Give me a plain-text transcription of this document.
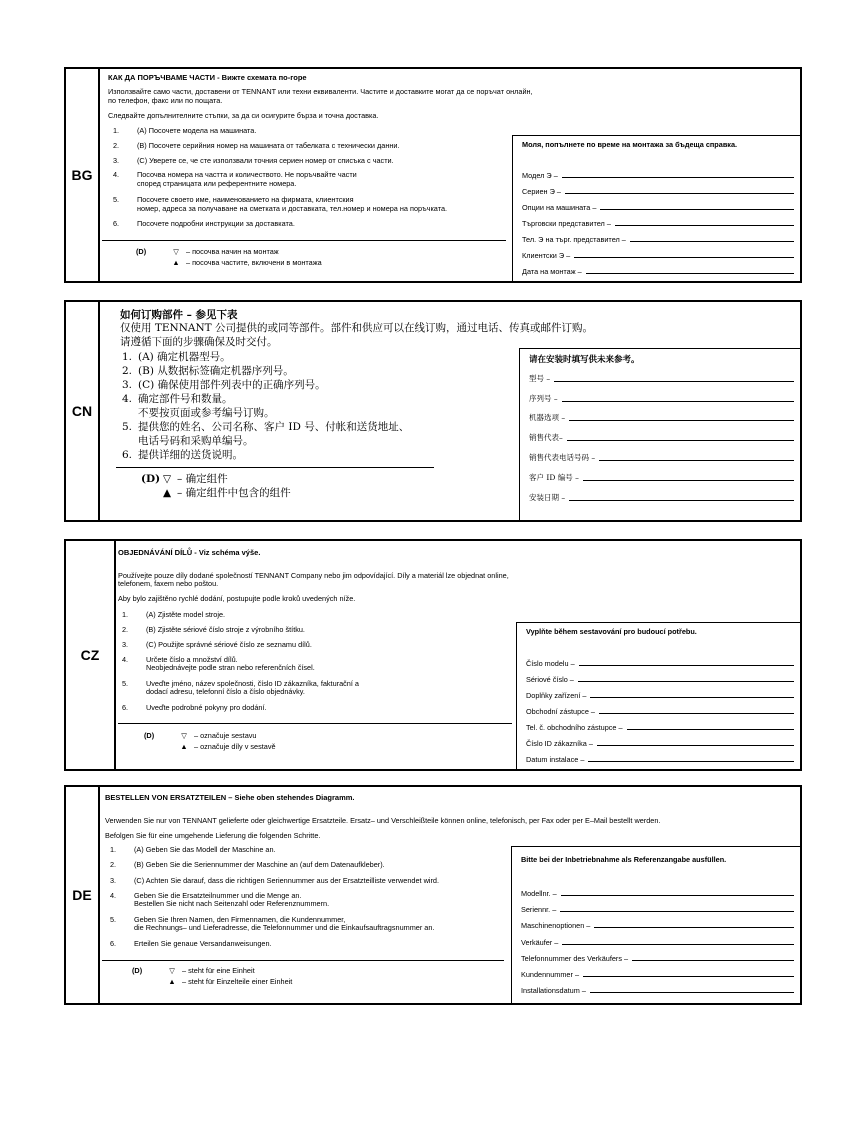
BG
КАК ДА ПОРЪЧВАМЕ ЧАСТИ - Вижте схемата по-горе
Използвайте само части, доставени от TENNANT или техни еквиваленти. Частите и доставките могат да се поръчат онлайн,
по телефон, факс или по пощата.
Следвайте допълнителните стъпки, за да си осигурите бърза и точна доставка.
1. (A) Посочете модела на машината.
2. (B) Посочете серийния номер на машината от табелката с технически данни.
3. (C) Уверете се, че сте използвали точния сериен номер от списъка с части.
4. Посочва номера на частта и количеството. Не поръчвайте части
според страницата или референтните номера.
5. Посочете своето име, наименованието на фирмата, клиентския
номер, адреса за получаване на сметката и доставката, тел.номер и номера на поръчката.
6. Посочете подробни инструкции за доставката.
(D)	▽ – посочва начин на монтаж
▲ – посочва частите, включени в монтажа
Моля, попълнете по време на монтажа за бъдеща справка.
Модел Э –
Сериен Э –
Опции на машината –
Търговски представител –
Тел. Э на търг. представител –
Клиентски Э –
Дата на монтаж –
CN
如何订购部件 – 参见下表
仅使用 TENNANT 公司提供的或同等部件。部件和供应可以在线订购，通过电话、传真或邮件订购。
请遵循下面的步骤确保及时交付。
1. (A) 确定机器型号。
2. (B) 从数据标签确定机器序列号。
3. (C) 确保使用部件列表中的正确序列号。
4. 确定部件号和数量。
不要按页面或参考编号订购。
5. 提供您的姓名、公司名称、客户 ID 号、付帐和送货地址、
电话号码和采购单编号。
6. 提供详细的送货说明。
(D) ▽ – 确定组件
▲ – 确定组件中包含的组件
请在安装时填写供未来参考。
型号 –
序列号 –
机器选项 –
销售代表–
销售代表电话号码 –
客户 ID 编号 –
安装日期 –
CZ
OBJEDNÁVÁNÍ DÍLŮ - Viz schéma výše.
Používejte pouze díly dodané společností TENNANT Company nebo jim odpovídající. Díly a materiál lze objednat online,
telefonem, faxem nebo poštou.
Aby bylo zajištěno rychlé dodání, postupujte podle kroků uvedených níže.
1. (A) Zjistěte model stroje.
2. (B) Zjistěte sériové číslo stroje z výrobního štítku.
3. (C) Použijte správné sériové číslo ze seznamu dílů.
4. Určete číslo a množství dílů.
Neobjednávejte podle stran nebo referenčních čísel.
5. Uveďte jméno, název společnosti, číslo ID zákazníka, fakturační a
dodací adresu, telefonní číslo a číslo objednávky.
6. Uveďte podrobné pokyny pro dodání.
(D)	▽ – označuje sestavu
▲ – označuje díly v sestavě
Vyplňte během sestavování pro budoucí potřebu.
Číslo modelu –
Sériové číslo –
Doplňky zařízení –
Obchodní zástupce –
Tel. č. obchodního zástupce –
Číslo ID zákazníka –
Datum instalace –
DE
BESTELLEN VON ERSATZTEILEN – Siehe oben stehendes Diagramm.
Verwenden Sie nur von TENNANT gelieferte oder gleichwertige Ersatzteile. Ersatz– und Verschleißteile können online, telefonisch, per Fax oder per E–Mail bestellt werden.
Befolgen Sie für eine umgehende Lieferung die folgenden Schritte.
1. (A) Geben Sie das Modell der Maschine an.
2. (B) Geben Sie die Seriennummer der Maschine an (auf dem Datenaufkleber).
3. (C) Achten Sie darauf, dass die richtigen Seriennummer aus der Ersatzteilliste verwendet wird.
4. Geben Sie die Ersatzteilnummer und die Menge an.
Bestellen Sie nicht nach Seitenzahl oder Referenznummern.
5. Geben Sie Ihren Namen, den Firmennamen, die Kundennummer,
die Rechnungs– und Lieferadresse, die Telefonnummer und die Einkaufsauftragsnummer an.
6. Erteilen Sie genaue Versandanweisungen.
(D)	▽ – steht für eine Einheit
▲ – steht für Einzelteile einer Einheit
Bitte bei der Inbetriebnahme als Referenzangabe ausfüllen.
Modellnr. –
Seriennr. –
Maschinenoptionen –
Verkäufer –
Telefonnummer des Verkäufers –
Kundennummer –
Installationsdatum –
